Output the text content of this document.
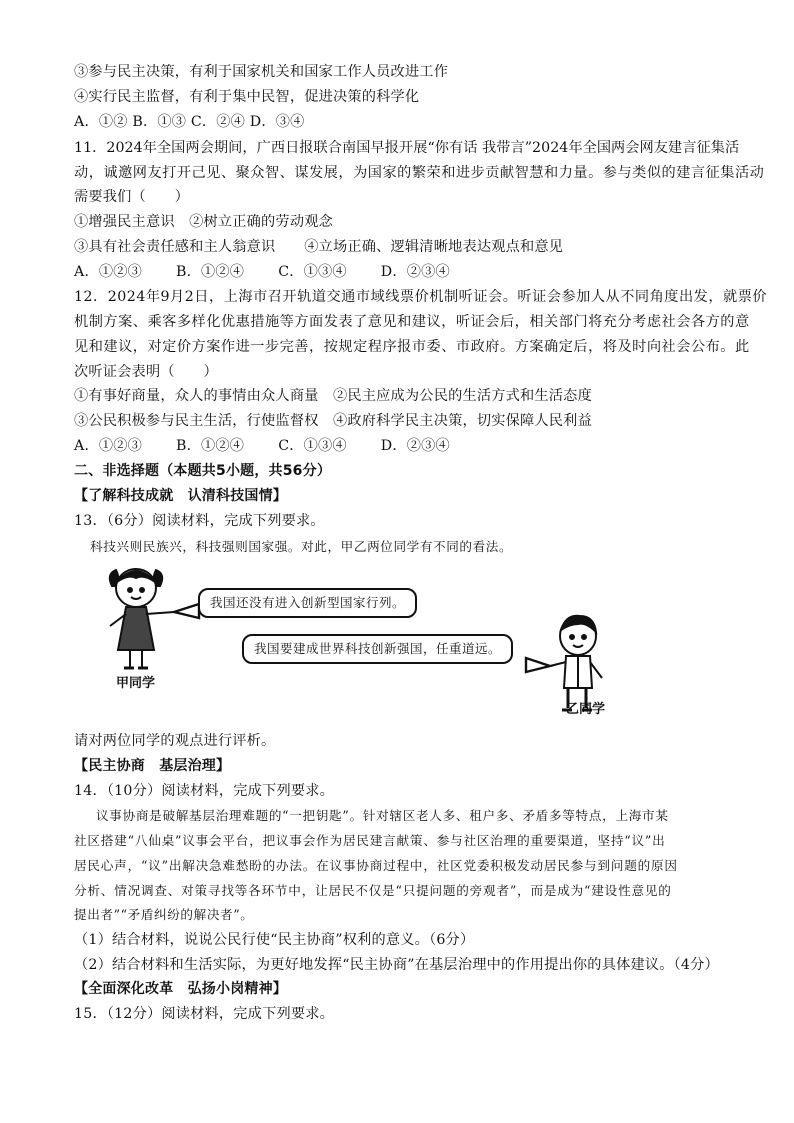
③参与民主决策，有利于国家机关和国家工作人员改进工作
④实行民主监督，有利于集中民智，促进决策的科学化
A．①② B．①③ C．②④ D．③④
11．2024年全国两会期间，广西日报联合南国早报开展“你有话 我带言”2024年全国两会网友建言征集活
动，诚邀网友打开己见、聚众智、谋发展，为国家的繁荣和进步贡献智慧和力量。参与类似的建言征集活动
需要我们（　　）
①增强民主意识　②树立正确的劳动观念
③具有社会责任感和主人翁意识　　④立场正确、逻辑清晰地表达观点和意见
A．①②③ B．①②④ C．①③④ D．②③④
12．2024年9月2日，上海市召开轨道交通市域线票价机制听证会。听证会参加人从不同角度出发，就票价
机制方案、乘客多样化优惠措施等方面发表了意见和建议，听证会后，相关部门将充分考虑社会各方的意
见和建议，对定价方案作进一步完善，按规定程序报市委、市政府。方案确定后，将及时向社会公布。此
次听证会表明（　　）
①有事好商量，众人的事情由众人商量　②民主应成为公民的生活方式和生活态度
③公民积极参与民主生活，行使监督权　④政府科学民主决策，切实保障人民利益
A．①②③ B．①②④ C．①③④ D．②③④
二、非选择题（本题共5小题，共56分）
【了解科技成就　认清科技国情】
13．（6分）阅读材料，完成下列要求。
科技兴则民族兴，科技强则国家强。对此，甲乙两位同学有不同的看法。
我国还没有进入创新型国家行列。
我国要建成世界科技创新强国，任重道远。
甲同学
乙同学
请对两位同学的观点进行评析。
【民主协商　基层治理】
14．（10分）阅读材料，完成下列要求。
议事协商是破解基层治理难题的“一把钥匙”。针对辖区老人多、租户多、矛盾多等特点，上海市某
社区搭建“八仙桌”议事会平台，把议事会作为居民建言献策、参与社区治理的重要渠道，坚持“议”出
居民心声，“议”出解决急难愁盼的办法。在议事协商过程中，社区党委积极发动居民参与到问题的原因
分析、情况调查、对策寻找等各环节中，让居民不仅是“只提问题的旁观者”，而是成为“建设性意见的
提出者”“矛盾纠纷的解决者”。
（1）结合材料，说说公民行使“民主协商”权利的意义。（6分）
（2）结合材料和生活实际，为更好地发挥“民主协商”在基层治理中的作用提出你的具体建议。（4分）
【全面深化改革　弘扬小岗精神】
15．（12分）阅读材料，完成下列要求。
